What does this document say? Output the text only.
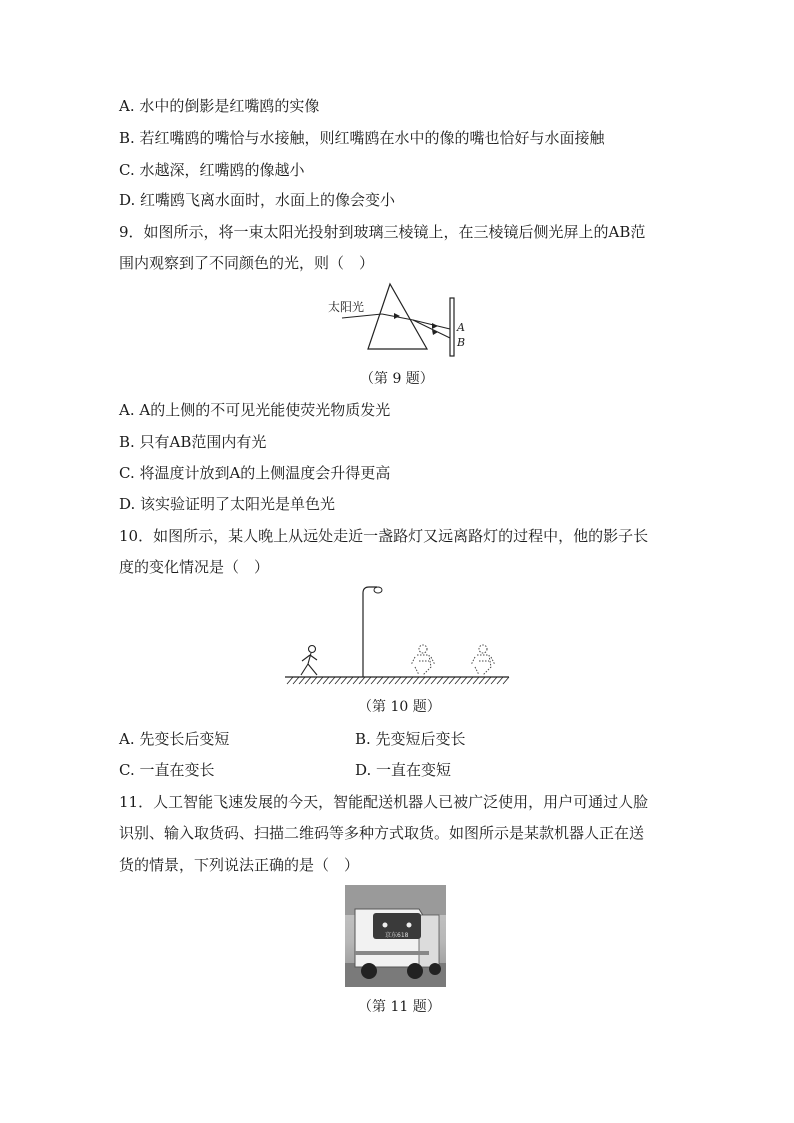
A. 水中的倒影是红嘴鸥的实像
B. 若红嘴鸥的嘴恰与水接触，则红嘴鸥在水中的像的嘴也恰好与水面接触
C. 水越深，红嘴鸥的像越小
D. 红嘴鸥飞离水面时，水面上的像会变小
9．如图所示，将一束太阳光投射到玻璃三棱镜上，在三棱镜后侧光屏上的AB范
围内观察到了不同颜色的光，则（　）
太阳光
A
B
（第 9 题）
A. A的上侧的不可见光能使荧光物质发光
B. 只有AB范围内有光
C. 将温度计放到A的上侧温度会升得更高
D. 该实验证明了太阳光是单色光
10．如图所示，某人晚上从远处走近一盏路灯又远离路灯的过程中，他的影子长
度的变化情况是（　）
（第 10 题）
A. 先变长后变短	B. 先变短后变长
C. 一直在变长	D. 一直在变短
11．人工智能飞速发展的今天，智能配送机器人已被广泛使用，用户可通过人脸
识别、输入取货码、扫描二维码等多种方式取货。如图所示是某款机器人正在送
货的情景，下列说法正确的是（　）
京东618
（第 11 题）
